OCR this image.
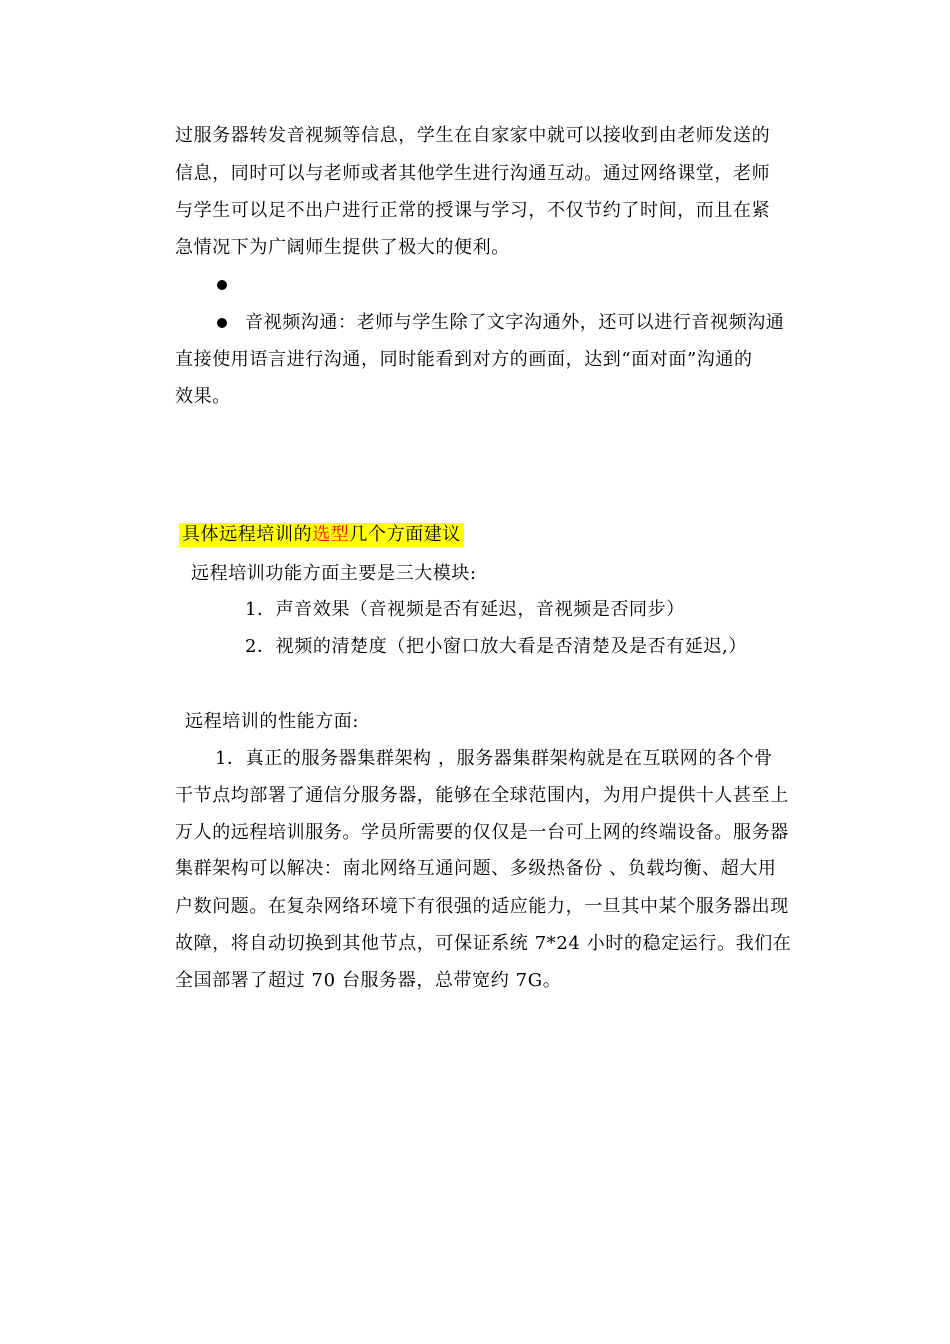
过服务器转发音视频等信息，学生在自家家中就可以接收到由老师发送的
信息，同时可以与老师或者其他学生进行沟通互动。通过网络课堂，老师
与学生可以足不出户进行正常的授课与学习，不仅节约了时间，而且在紧
急情况下为广阔师生提供了极大的便利。
音视频沟通：老师与学生除了文字沟通外，还可以进行音视频沟通
直接使用语言进行沟通，同时能看到对方的画面，达到“面对面”沟通的
效果。
具体远程培训的选型几个方面建议
远程培训功能方面主要是三大模块:
1．声音效果（音视频是否有延迟，音视频是否同步）
2．视频的清楚度（把小窗口放大看是否清楚及是否有延迟,）
远程培训的性能方面:
1．真正的服务器集群架构 ，服务器集群架构就是在互联网的各个骨
干节点均部署了通信分服务器，能够在全球范围内，为用户提供十人甚至上
万人的远程培训服务。学员所需要的仅仅是一台可上网的终端设备。服务器
集群架构可以解决：南北网络互通问题、多级热备份 、负载均衡、超大用
户数问题。在复杂网络环境下有很强的适应能力，一旦其中某个服务器出现
故障，将自动切换到其他节点，可保证系统 7*24 小时的稳定运行。我们在
全国部署了超过 70 台服务器，总带宽约 7G。
